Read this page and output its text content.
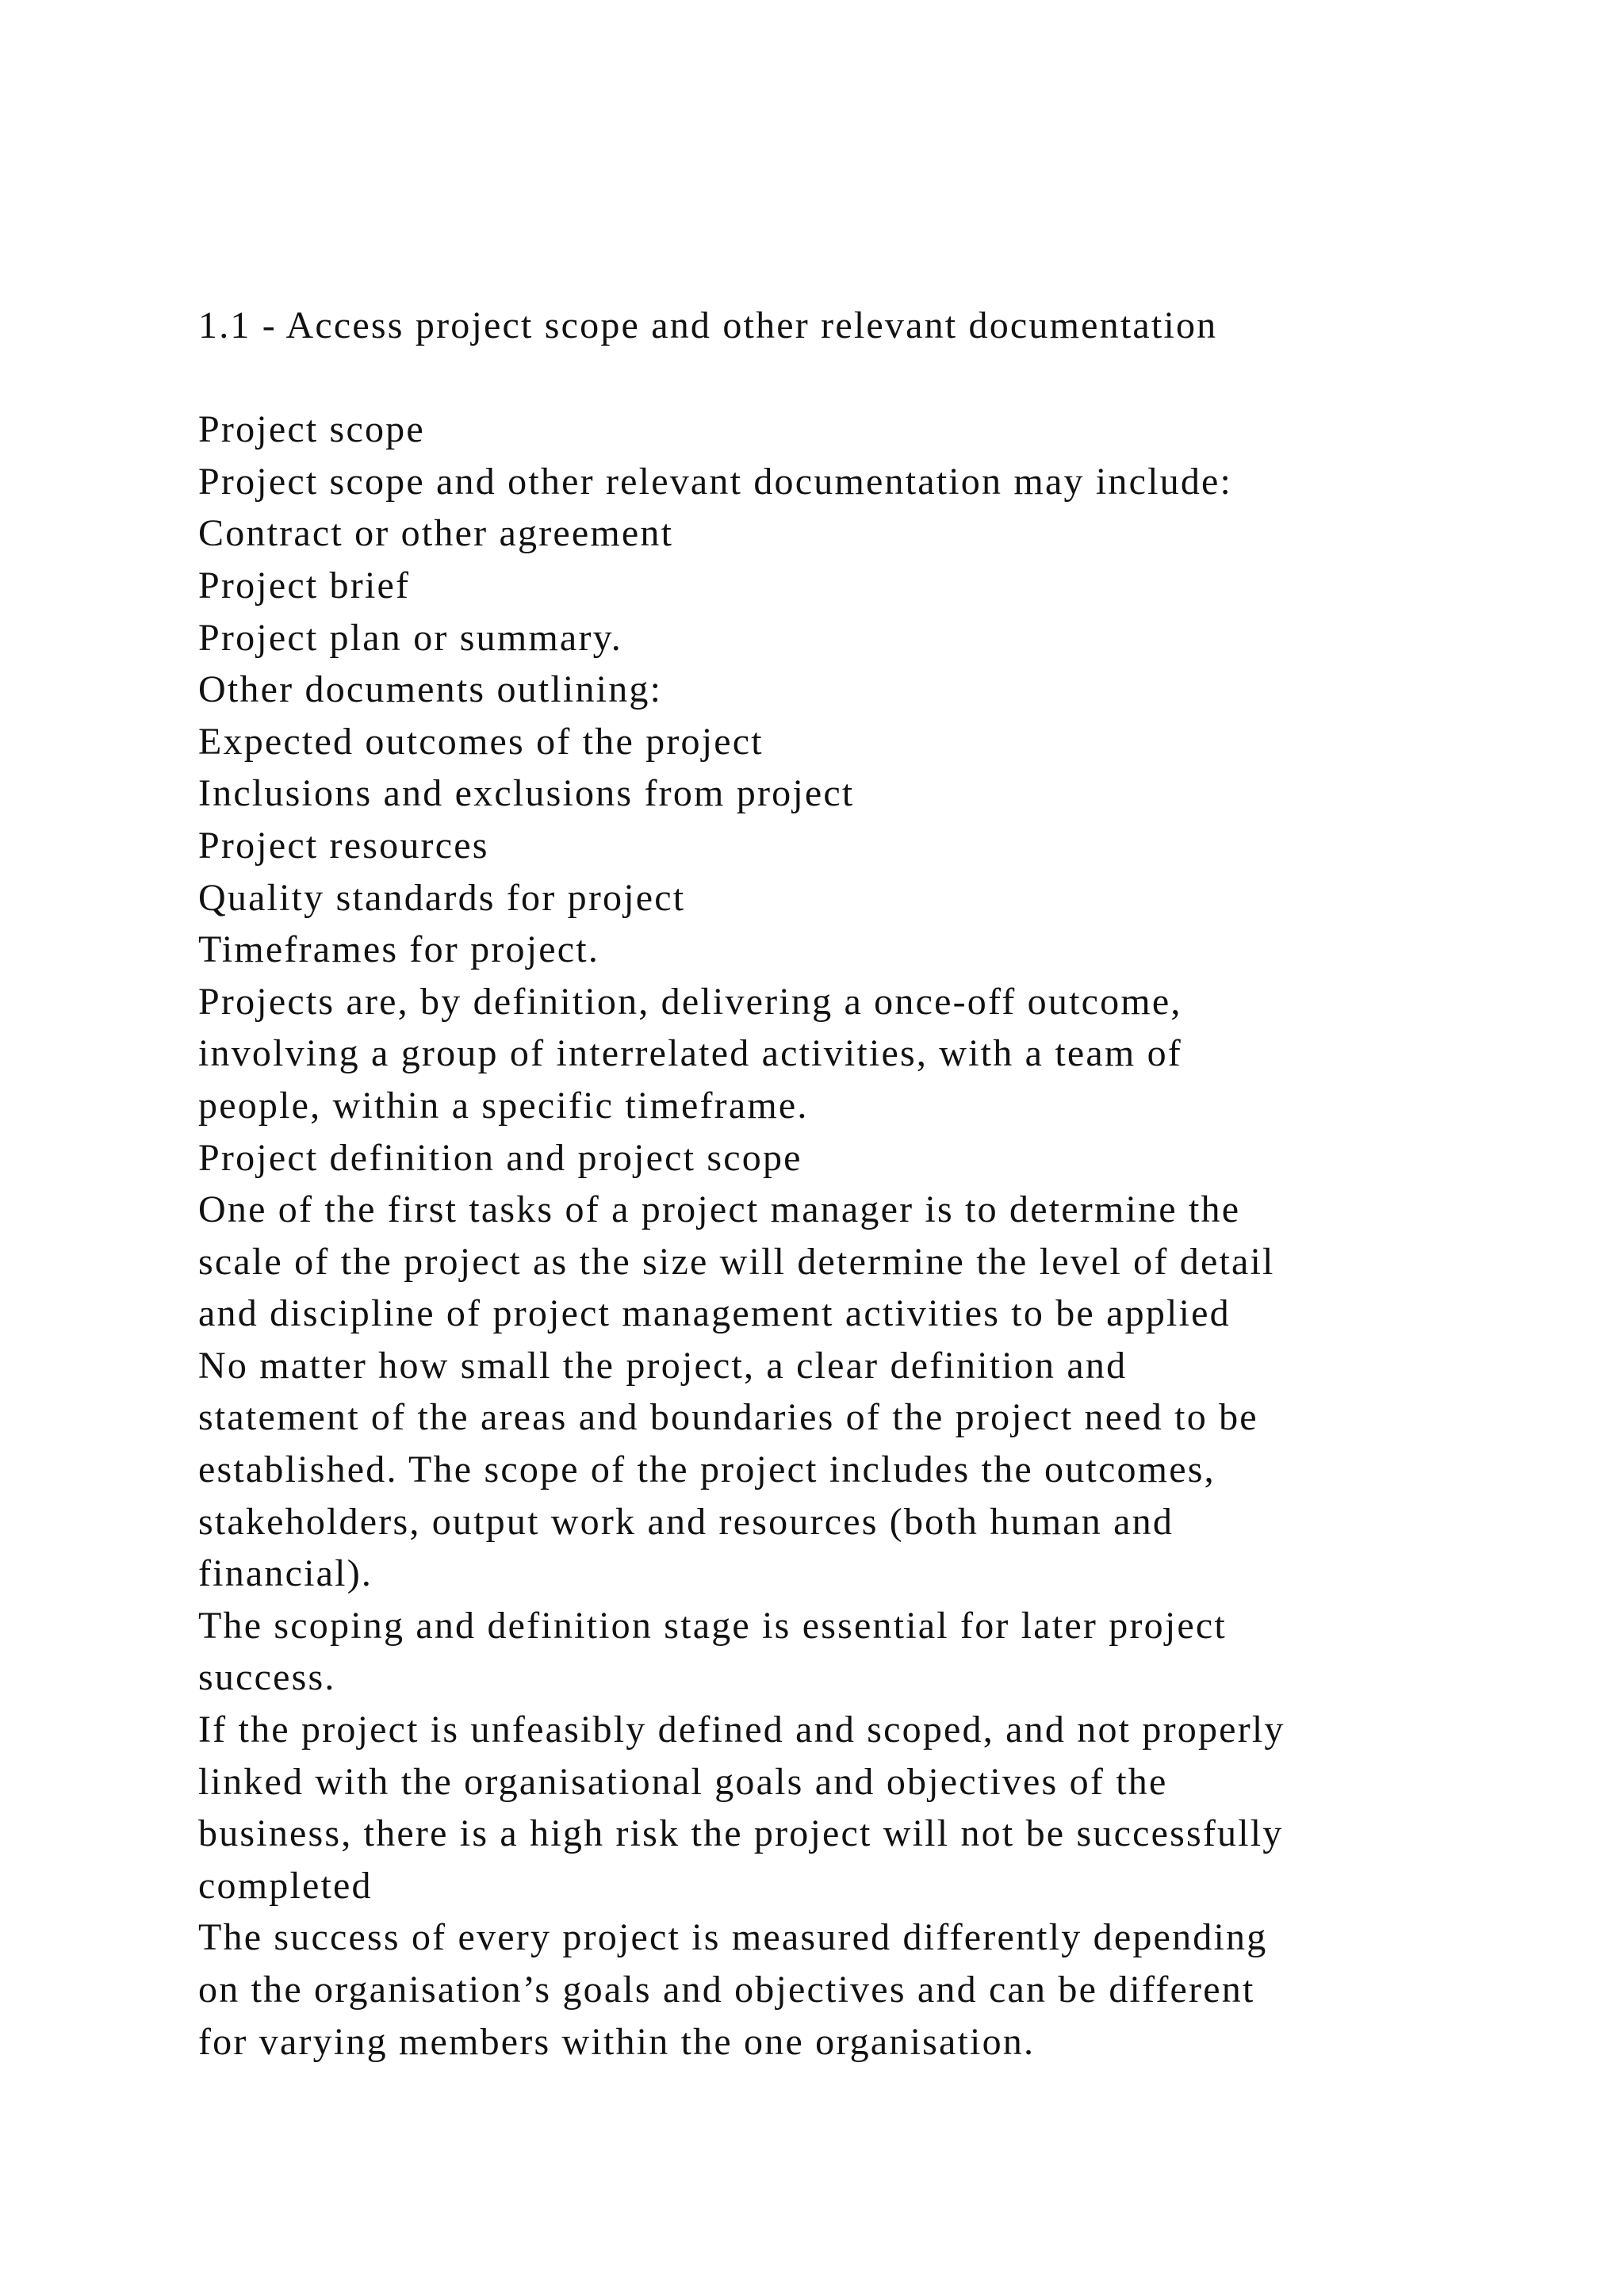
1.1 - Access project scope and other relevant documentation
Project scope
Project scope and other relevant documentation may include:
Contract or other agreement
Project brief
Project plan or summary.
Other documents outlining:
Expected outcomes of the project
Inclusions and exclusions from project
Project resources
Quality standards for project
Timeframes for project.
Projects are, by definition, delivering a once-off outcome,
involving a group of interrelated activities, with a team of
people, within a specific timeframe.
Project definition and project scope
One of the first tasks of a project manager is to determine the
scale of the project as the size will determine the level of detail
and discipline of project management activities to be applied
No matter how small the project, a clear definition and
statement of the areas and boundaries of the project need to be
established. The scope of the project includes the outcomes,
stakeholders, output work and resources (both human and
financial).
The scoping and definition stage is essential for later project
success.
If the project is unfeasibly defined and scoped, and not properly
linked with the organisational goals and objectives of the
business, there is a high risk the project will not be successfully
completed
The success of every project is measured differently depending
on the organisation’s goals and objectives and can be different
for varying members within the one organisation.
